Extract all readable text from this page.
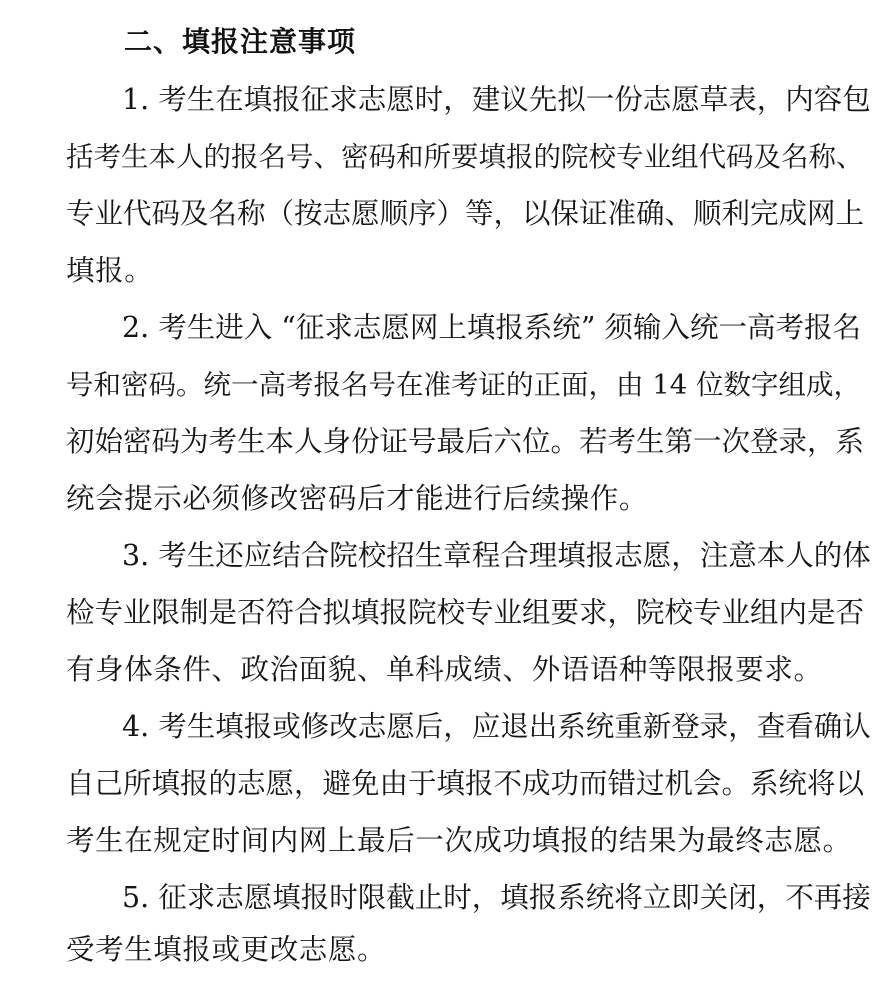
二、填报注意事项
1. 考生在填报征求志愿时，建议先拟一份志愿草表，内容包
括考生本人的报名号、密码和所要填报的院校专业组代码及名称、
专业代码及名称（按志愿顺序）等，以保证准确、顺利完成网上
填报。
2. 考生进入 “征求志愿网上填报系统” 须输入统一高考报名
号和密码。统一高考报名号在准考证的正面，由 14 位数字组成，
初始密码为考生本人身份证号最后六位。若考生第一次登录，系
统会提示必须修改密码后才能进行后续操作。
3. 考生还应结合院校招生章程合理填报志愿，注意本人的体
检专业限制是否符合拟填报院校专业组要求，院校专业组内是否
有身体条件、政治面貌、单科成绩、外语语种等限报要求。
4. 考生填报或修改志愿后，应退出系统重新登录，查看确认
自己所填报的志愿，避免由于填报不成功而错过机会。系统将以
考生在规定时间内网上最后一次成功填报的结果为最终志愿。
5. 征求志愿填报时限截止时，填报系统将立即关闭，不再接
受考生填报或更改志愿。
